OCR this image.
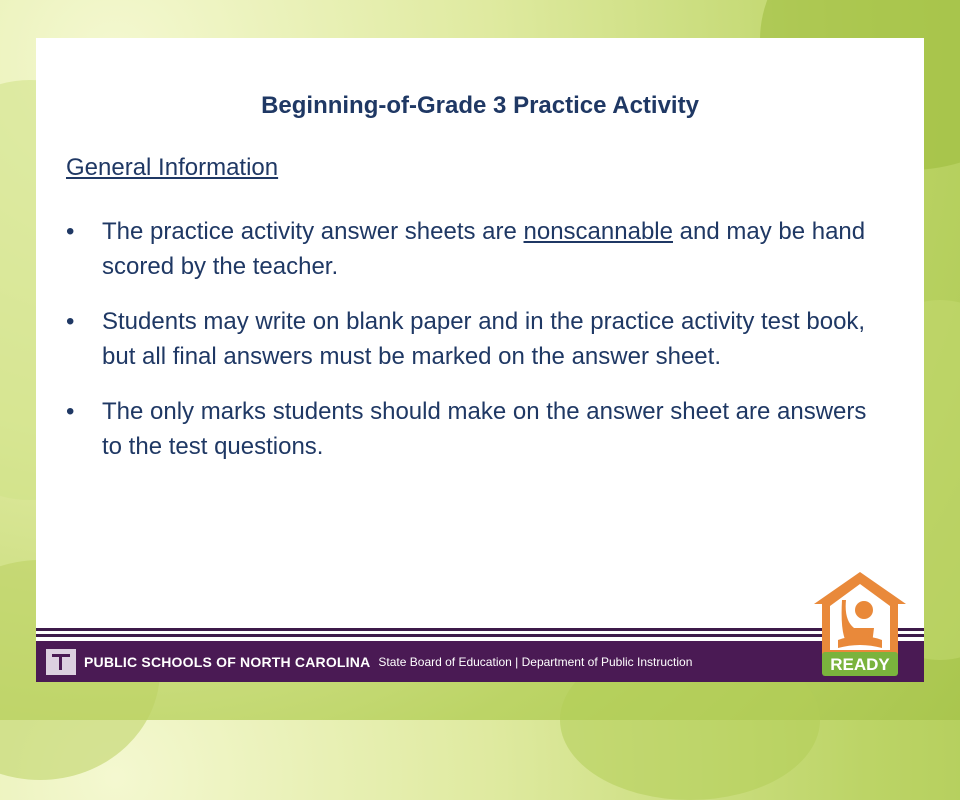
Beginning-of-Grade 3 Practice Activity
General Information
• The practice activity answer sheets are nonscannable and may be hand scored by the teacher.
• Students may write on blank paper and in the practice activity test book, but all final answers must be marked on the answer sheet.
• The only marks students should make on the answer sheet are answers to the test questions.
PUBLIC SCHOOLS OF NORTH CAROLINA State Board of Education | Department of Public Instruction	READY
